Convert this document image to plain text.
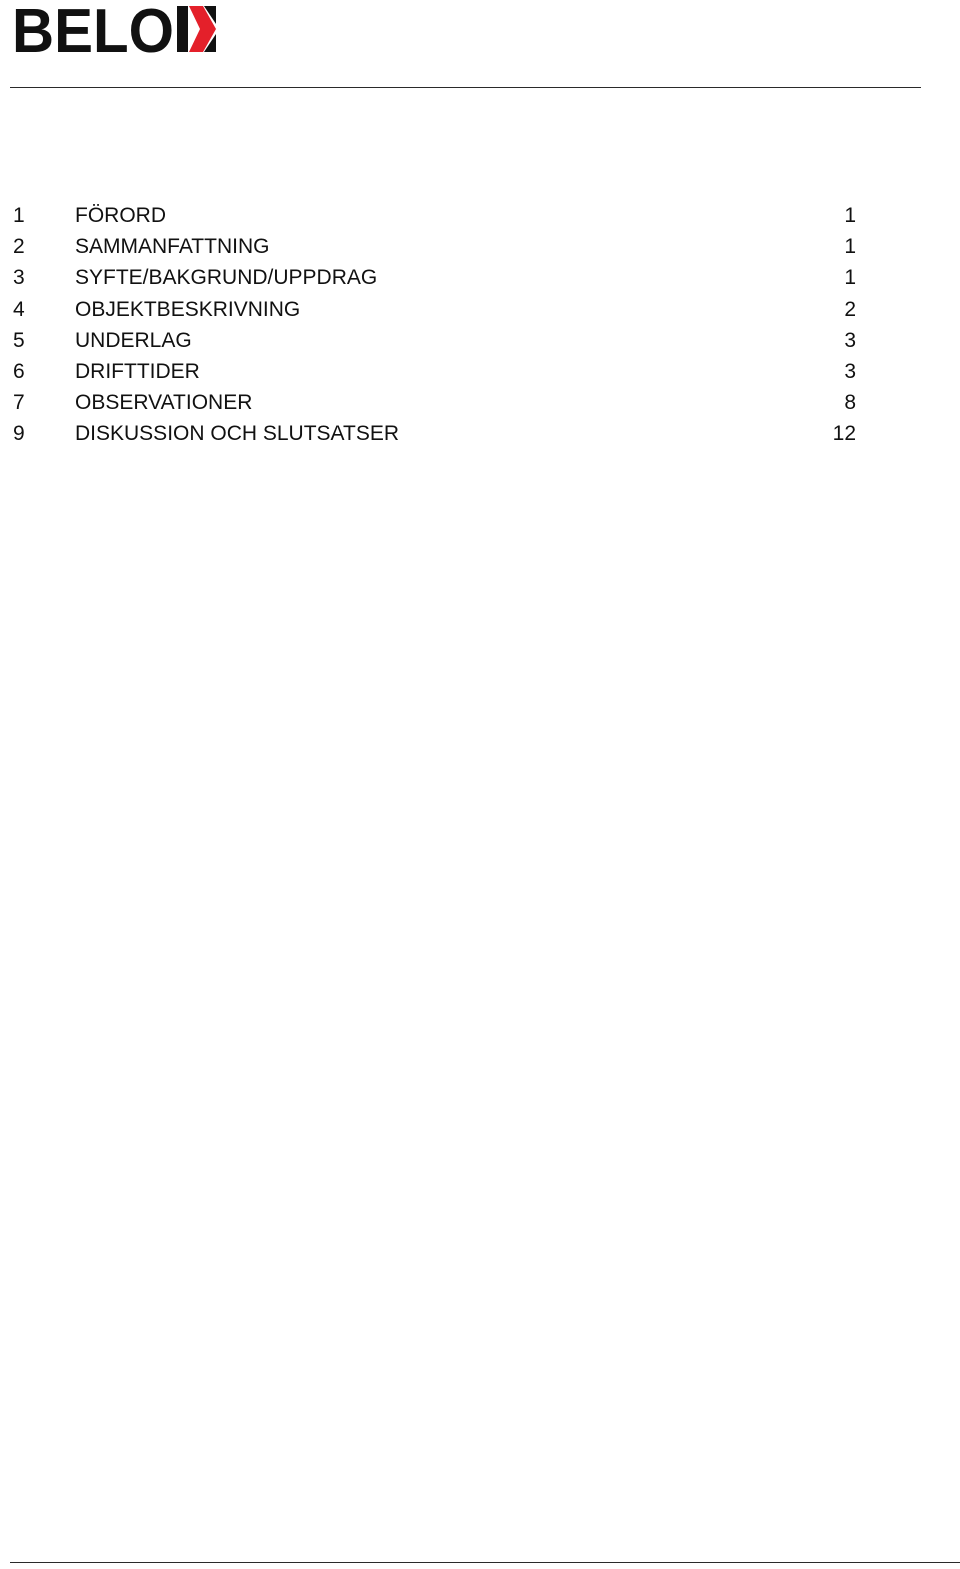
BELO
1 FÖRORD	1
2 SAMMANFATTNING	1
3 SYFTE/BAKGRUND/UPPDRAG	1
4 OBJEKTBESKRIVNING	2
5 UNDERLAG	3
6 DRIFTTIDER	3
7 OBSERVATIONER	8
9 DISKUSSION OCH SLUTSATSER	12
